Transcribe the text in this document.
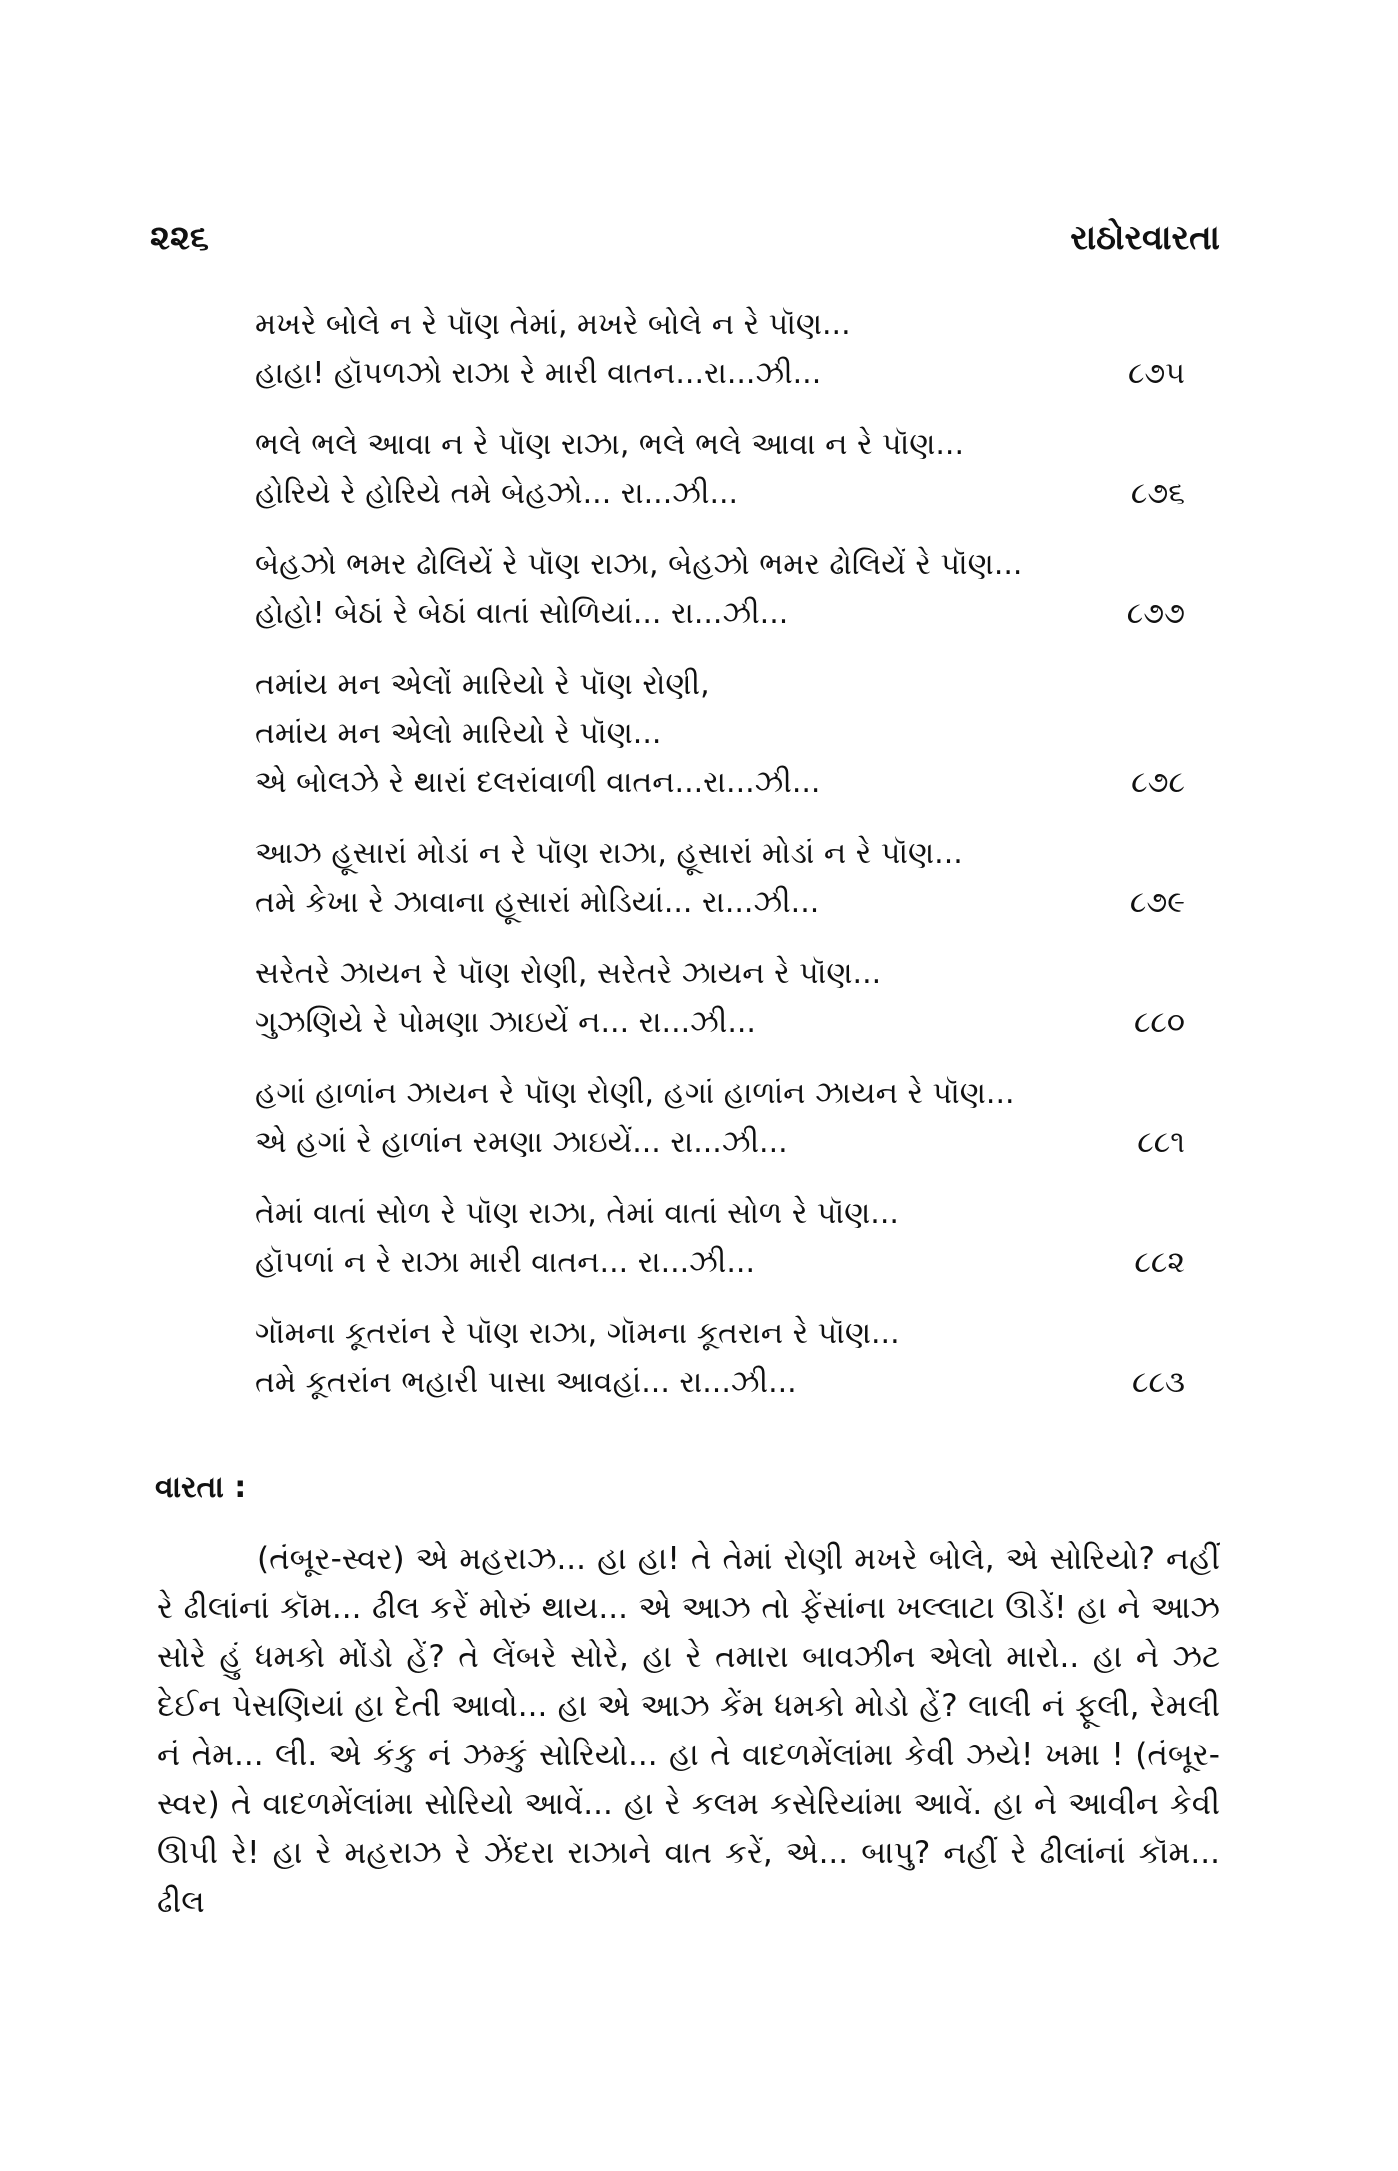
૨૨૬	રાઠોરવારતા
મખરે બોલે ન રે પૉણ તેમાં, મખરે બોલે ન રે પૉણ...
હાહા! હૉપળઝો રાઝા રે મારી વાતન...રા...ઝી...	૮૭૫
ભલે ભલે આવા ન રે પૉણ રાઝા, ભલે ભલે આવા ન રે પૉણ...
હોરિયે રે હોરિયે તમે બેહઝો... રા...ઝી...	૮૭૬
બેહઝો ભમર ઢોલિયેં રે પૉણ રાઝા, બેહઝો ભમર ઢોલિયેં રે પૉણ...
હોહો! બેઠાં રે બેઠાં વાતાં સોળિયાં... રા...ઝી...	૮૭૭
તમાંય મન એલોં મારિયો રે પૉણ રોણી,
તમાંય મન એલો મારિયો રે પૉણ...
એ બોલઝે રે થારાં દલરાંવાળી વાતન...રા...ઝી...	૮૭૮
આઝ હૂસારાં મોડાં ન રે પૉણ રાઝા, હૂસારાં મોડાં ન રે પૉણ...
તમે કેખા રે ઝાવાના હૂસારાં મોડિયાં... રા...ઝી...	૮૭૯
સરેતરે ઝાયન રે પૉણ રોણી, સરેતરે ઝાયન રે પૉણ...
ગુઝણિયે રે પોમણા ઝાઇયેં ન... રા...ઝી...	૮૮૦
હગાં હાળાંન ઝાયન રે પૉણ રોણી, હગાં હાળાંન ઝાયન રે પૉણ...
એ હગાં રે હાળાંન રમણા ઝાઇયેં... રા...ઝી...	૮૮૧
તેમાં વાતાં સોળ રે પૉણ રાઝા, તેમાં વાતાં સોળ રે પૉણ...
હૉપળાં ન રે રાઝા મારી વાતન... રા...ઝી...	૮૮૨
ગૉમના કૂતરાંન રે પૉણ રાઝા, ગૉમના કૂતરાન રે પૉણ...
તમે કૂતરાંન ભહારી પાસા આવહાં... રા...ઝી...	૮૮૩
વારતા :
(તંબૂર-સ્વર) એ મહરાઝ... હા હા! તે તેમાં રોણી મખરે બોલે, એ સોરિયો? નહીં રે ઢીલાંનાં કૉમ... ઢીલ કરેં મોરું થાય... એ આઝ તો ફેંસાંના ખલ્લાટા ઊડેં! હા ને આઝ સોરે હું ધમકો મોંડો હેં? તે લેંબરે સોરે, હા રે તમારા બાવઝીન એલો મારો.. હા ને ઝટ દેઈન પેસણિયાં હા દેતી આવો... હા એ આઝ કેંમ ધમકો મોડો હેં? લાલી નં ફૂલી, રેમલી નં તેમ... લી. એ કંકુ નં ઝમ્કું સોરિયો... હા તે વાદળમેંલાંમા કેવી ઝયે! ખમા ! (તંબૂર-સ્વર) તે વાદળમેંલાંમા સોરિયો આવેં... હા રે કલમ કસેરિયાંમા આવેં. હા ને આવીન કેવી ઊપી રે! હા રે મહરાઝ રે ઝેંદરા રાઝાને વાત કરેં, એ... બાપુ? નહીં રે ઢીલાંનાં કૉમ... ઢીલ
